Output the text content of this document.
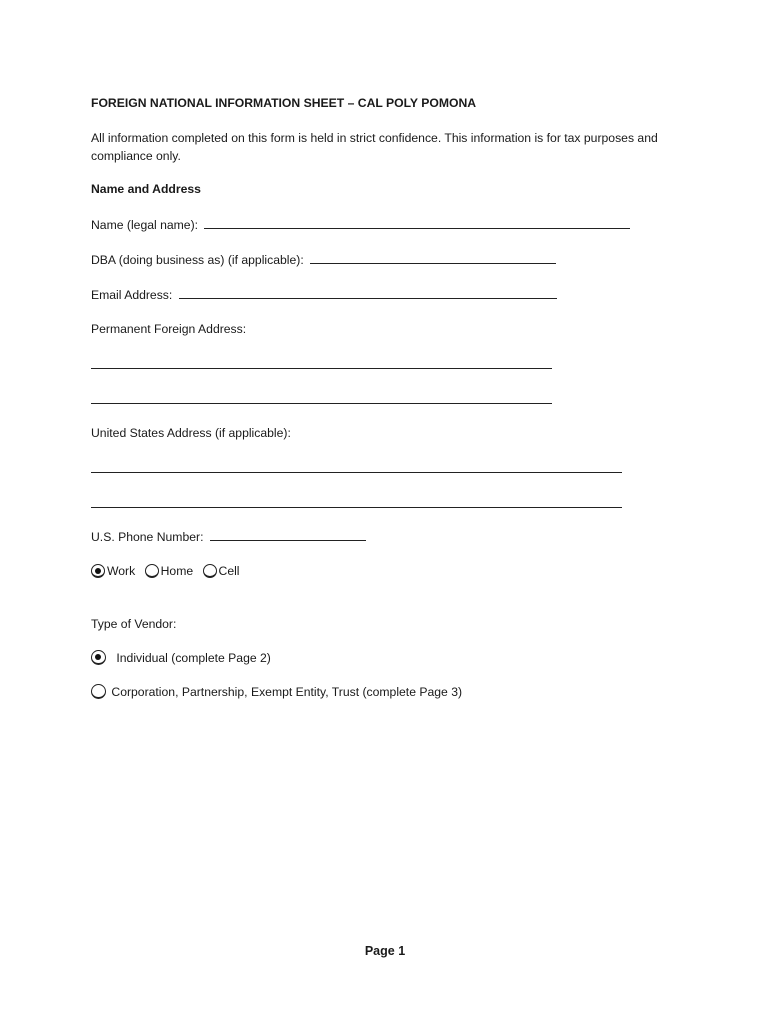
FOREIGN NATIONAL INFORMATION SHEET – CAL POLY POMONA
All information completed on this form is held in strict confidence. This information is for tax purposes and compliance only.
Name and Address
Name (legal name):
DBA (doing business as) (if applicable):
Email Address:
Permanent Foreign Address:
United States Address (if applicable):
U.S. Phone Number:
Work Home Cell
Type of Vendor:
Individual (complete Page 2)
Corporation, Partnership, Exempt Entity, Trust (complete Page 3)
Page 1
